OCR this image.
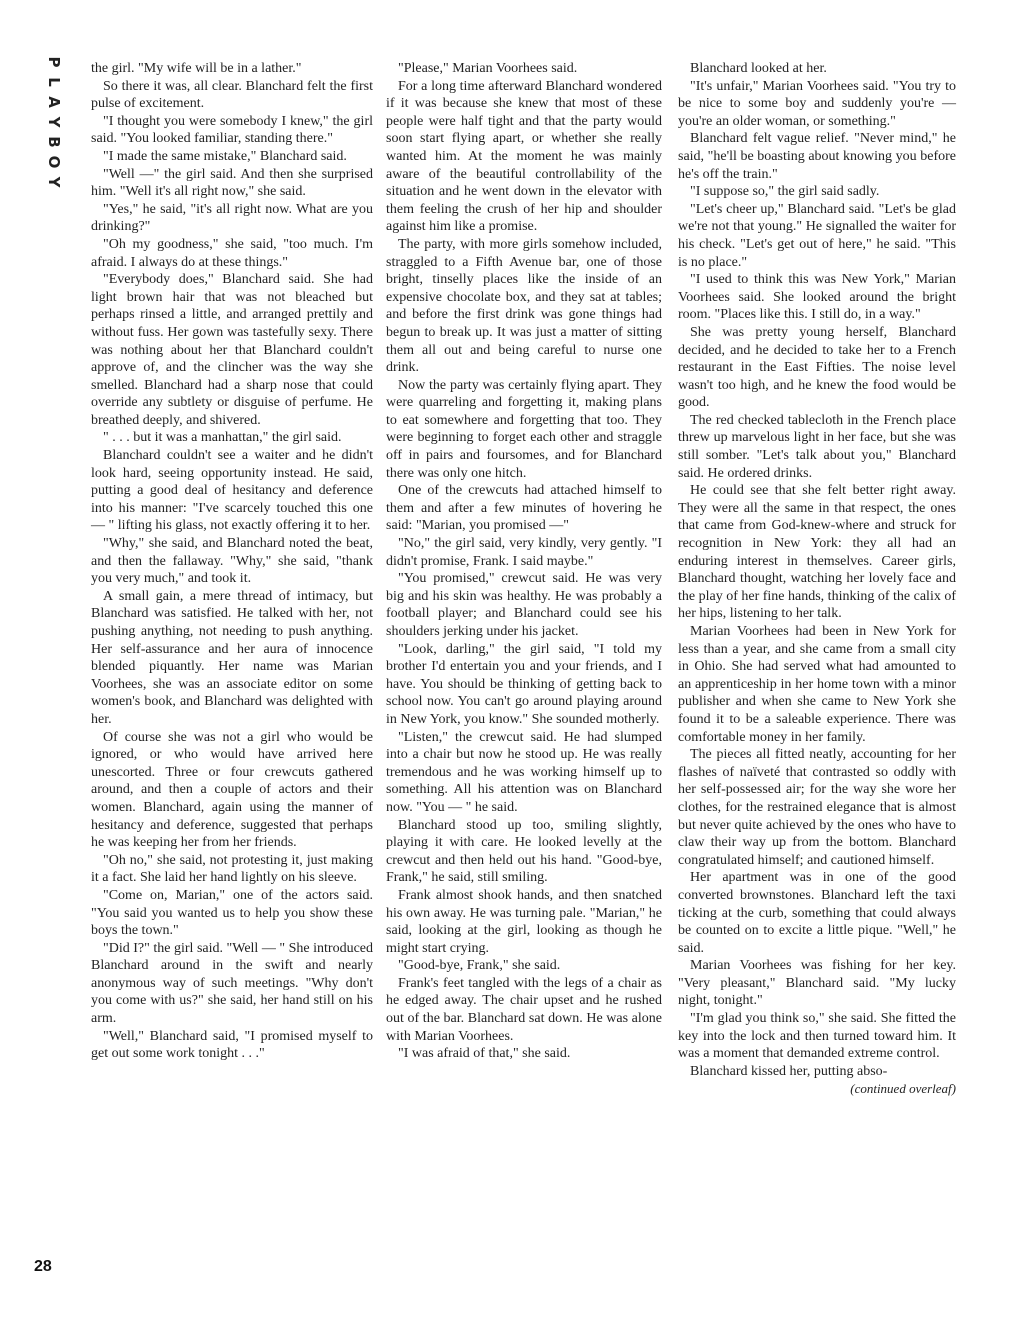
P
L
A
Y
B
O
Y
28

the girl. "My wife will be in a lather."

So there it was, all clear. Blanchard felt the first pulse of excitement.

"I thought you were somebody I knew," the girl said. "You looked familiar, standing there."

"I made the same mistake," Blanchard said.

"Well —" the girl said. And then she surprised him. "Well it's all right now," she said.

"Yes," he said, "it's all right now. What are you drinking?"

"Oh my goodness," she said, "too much. I'm afraid. I always do at these things."

"Everybody does," Blanchard said. She had light brown hair that was not bleached but perhaps rinsed a little, and arranged prettily and without fuss. Her gown was tastefully sexy. There was nothing about her that Blanchard couldn't approve of, and the clincher was the way she smelled. Blanchard had a sharp nose that could override any subtlety or disguise of perfume. He breathed deeply, and shivered.

" . . . but it was a manhattan," the girl said.

Blanchard couldn't see a waiter and he didn't look hard, seeing opportunity instead. He said, putting a good deal of hesitancy and deference into his manner: "I've scarcely touched this one — " lifting his glass, not exactly offering it to her.

"Why," she said, and Blanchard noted the beat, and then the fallaway. "Why," she said, "thank you very much," and took it.

A small gain, a mere thread of intimacy, but Blanchard was satisfied. He talked with her, not pushing anything, not needing to push anything. Her self-assurance and her aura of innocence blended piquantly. Her name was Marian Voorhees, she was an associate editor on some women's book, and Blanchard was delighted with her.

Of course she was not a girl who would be ignored, or who would have arrived here unescorted. Three or four crewcuts gathered around, and then a couple of actors and their women. Blanchard, again using the manner of hesitancy and deference, suggested that perhaps he was keeping her from her friends.

"Oh no," she said, not protesting it, just making it a fact. She laid her hand lightly on his sleeve.

"Come on, Marian," one of the actors said. "You said you wanted us to help you show these boys the town."

"Did I?" the girl said. "Well — " She introduced Blanchard around in the swift and nearly anonymous way of such meetings. "Why don't you come with us?" she said, her hand still on his arm.

"Well," Blanchard said, "I promised myself to get out some work tonight . . ."

"Please," Marian Voorhees said.

For a long time afterward Blanchard wondered if it was because she knew that most of these people were half tight and that the party would soon start flying apart, or whether she really wanted him. At the moment he was mainly aware of the beautiful controllability of the situation and he went down in the elevator with them feeling the crush of her hip and shoulder against him like a promise.

The party, with more girls somehow included, straggled to a Fifth Avenue bar, one of those bright, tinselly places like the inside of an expensive chocolate box, and they sat at tables; and before the first drink was gone things had begun to break up. It was just a matter of sitting them all out and being careful to nurse one drink.

Now the party was certainly flying apart. They were quarreling and forgetting it, making plans to eat somewhere and forgetting that too. They were beginning to forget each other and straggle off in pairs and foursomes, and for Blanchard there was only one hitch.

One of the crewcuts had attached himself to them and after a few minutes of hovering he said: "Marian, you promised —"

"No," the girl said, very kindly, very gently. "I didn't promise, Frank. I said maybe."

"You promised," crewcut said. He was very big and his skin was healthy. He was probably a football player; and Blanchard could see his shoulders jerking under his jacket.

"Look, darling," the girl said, "I told my brother I'd entertain you and your friends, and I have. You should be thinking of getting back to school now. You can't go around playing around in New York, you know." She sounded motherly.

"Listen," the crewcut said. He had slumped into a chair but now he stood up. He was really tremendous and he was working himself up to something. All his attention was on Blanchard now. "You — " he said.

Blanchard stood up too, smiling slightly, playing it with care. He looked levelly at the crewcut and then held out his hand. "Good-bye, Frank," he said, still smiling.

Frank almost shook hands, and then snatched his own away. He was turning pale. "Marian," he said, looking at the girl, looking as though he might start crying.

"Good-bye, Frank," she said.

Frank's feet tangled with the legs of a chair as he edged away. The chair upset and he rushed out of the bar. Blanchard sat down. He was alone with Marian Voorhees.

"I was afraid of that," she said.

Blanchard looked at her.

"It's unfair," Marian Voorhees said. "You try to be nice to some boy and suddenly you're — you're an older woman, or something."

Blanchard felt vague relief. "Never mind," he said, "he'll be boasting about knowing you before he's off the train."

"I suppose so," the girl said sadly.

"Let's cheer up," Blanchard said. "Let's be glad we're not that young." He signalled the waiter for his check. "Let's get out of here," he said. "This is no place."

"I used to think this was New York," Marian Voorhees said. She looked around the bright room. "Places like this. I still do, in a way."

She was pretty young herself, Blanchard decided, and he decided to take her to a French restaurant in the East Fifties. The noise level wasn't too high, and he knew the food would be good.

The red checked tablecloth in the French place threw up marvelous light in her face, but she was still somber. "Let's talk about you," Blanchard said. He ordered drinks.

He could see that she felt better right away. They were all the same in that respect, the ones that came from God-knew-where and struck for recognition in New York: they all had an enduring interest in themselves. Career girls, Blanchard thought, watching her lovely face and the play of her fine hands, thinking of the calix of her hips, listening to her talk.

Marian Voorhees had been in New York for less than a year, and she came from a small city in Ohio. She had served what had amounted to an apprenticeship in her home town with a minor publisher and when she came to New York she found it to be a saleable experience. There was comfortable money in her family.

The pieces all fitted neatly, accounting for her flashes of naïveté that contrasted so oddly with her self-possessed air; for the way she wore her clothes, for the restrained elegance that is almost but never quite achieved by the ones who have to claw their way up from the bottom. Blanchard congratulated himself; and cautioned himself.

Her apartment was in one of the good converted brownstones. Blanchard left the taxi ticking at the curb, something that could always be counted on to excite a little pique. "Well," he said.

Marian Voorhees was fishing for her key. "Very pleasant," Blanchard said. "My lucky night, tonight."

"I'm glad you think so," she said. She fitted the key into the lock and then turned toward him. It was a moment that demanded extreme control.

Blanchard kissed her, putting abso-

(continued overleaf)
